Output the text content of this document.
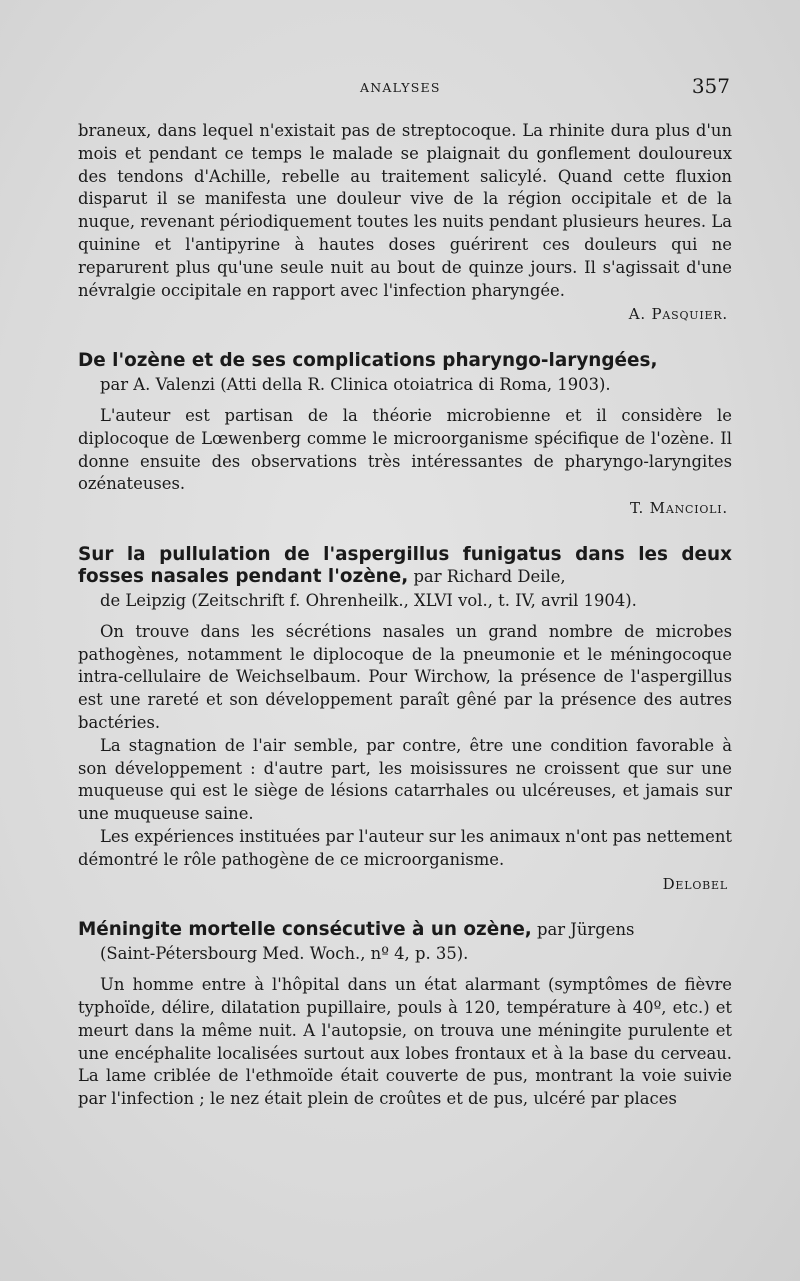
ANALYSES	357

braneux, dans lequel n'existait pas de streptocoque. La rhinite dura plus d'un mois et pendant ce temps le malade se plaignait du gonflement douloureux des tendons d'Achille, rebelle au traitement salicylé. Quand cette fluxion disparut il se manifesta une douleur vive de la région occipitale et de la nuque, revenant périodiquement toutes les nuits pendant plusieurs heures. La quinine et l'antipyrine à hautes doses guérirent ces douleurs qui ne reparurent plus qu'une seule nuit au bout de quinze jours. Il s'agissait d'une névralgie occipitale en rapport avec l'infection pharyngée.

A. Pasquier.
De l'ozène et de ses complications pharyngo-laryngées,

par A. Valenzi (Atti della R. Clinica otoiatrica di Roma, 1903).

L'auteur est partisan de la théorie microbienne et il considère le diplocoque de Lœwenberg comme le microorganisme spécifique de l'ozène. Il donne ensuite des observations très intéressantes de pharyngo-laryngites ozénateuses.

T. Mancioli.
Sur la pullulation de l'aspergillus funigatus dans les deux fosses nasales pendant l'ozène, par Richard Deile,

de Leipzig (Zeitschrift f. Ohrenheilk., XLVI vol., t. IV, avril 1904).

On trouve dans les sécrétions nasales un grand nombre de microbes pathogènes, notamment le diplocoque de la pneumonie et le méningocoque intra-cellulaire de Weichselbaum. Pour Wirchow, la présence de l'aspergillus est une rareté et son développement paraît gêné par la présence des autres bactéries.

La stagnation de l'air semble, par contre, être une condition favorable à son développement : d'autre part, les moisissures ne croissent que sur une muqueuse qui est le siège de lésions catarrhales ou ulcéreuses, et jamais sur une muqueuse saine.

Les expériences instituées par l'auteur sur les animaux n'ont pas nettement démontré le rôle pathogène de ce microorganisme.

Delobel
Méningite mortelle consécutive à un ozène, par Jürgens

(Saint-Pétersbourg Med. Woch., nº 4, p. 35).

Un homme entre à l'hôpital dans un état alarmant (symptômes de fièvre typhoïde, délire, dilatation pupillaire, pouls à 120, température à 40º, etc.) et meurt dans la même nuit. A l'autopsie, on trouva une méningite purulente et une encéphalite localisées surtout aux lobes frontaux et à la base du cerveau. La lame criblée de l'ethmoïde était couverte de pus, montrant la voie suivie par l'infection ; le nez était plein de croûtes et de pus, ulcéré par places
